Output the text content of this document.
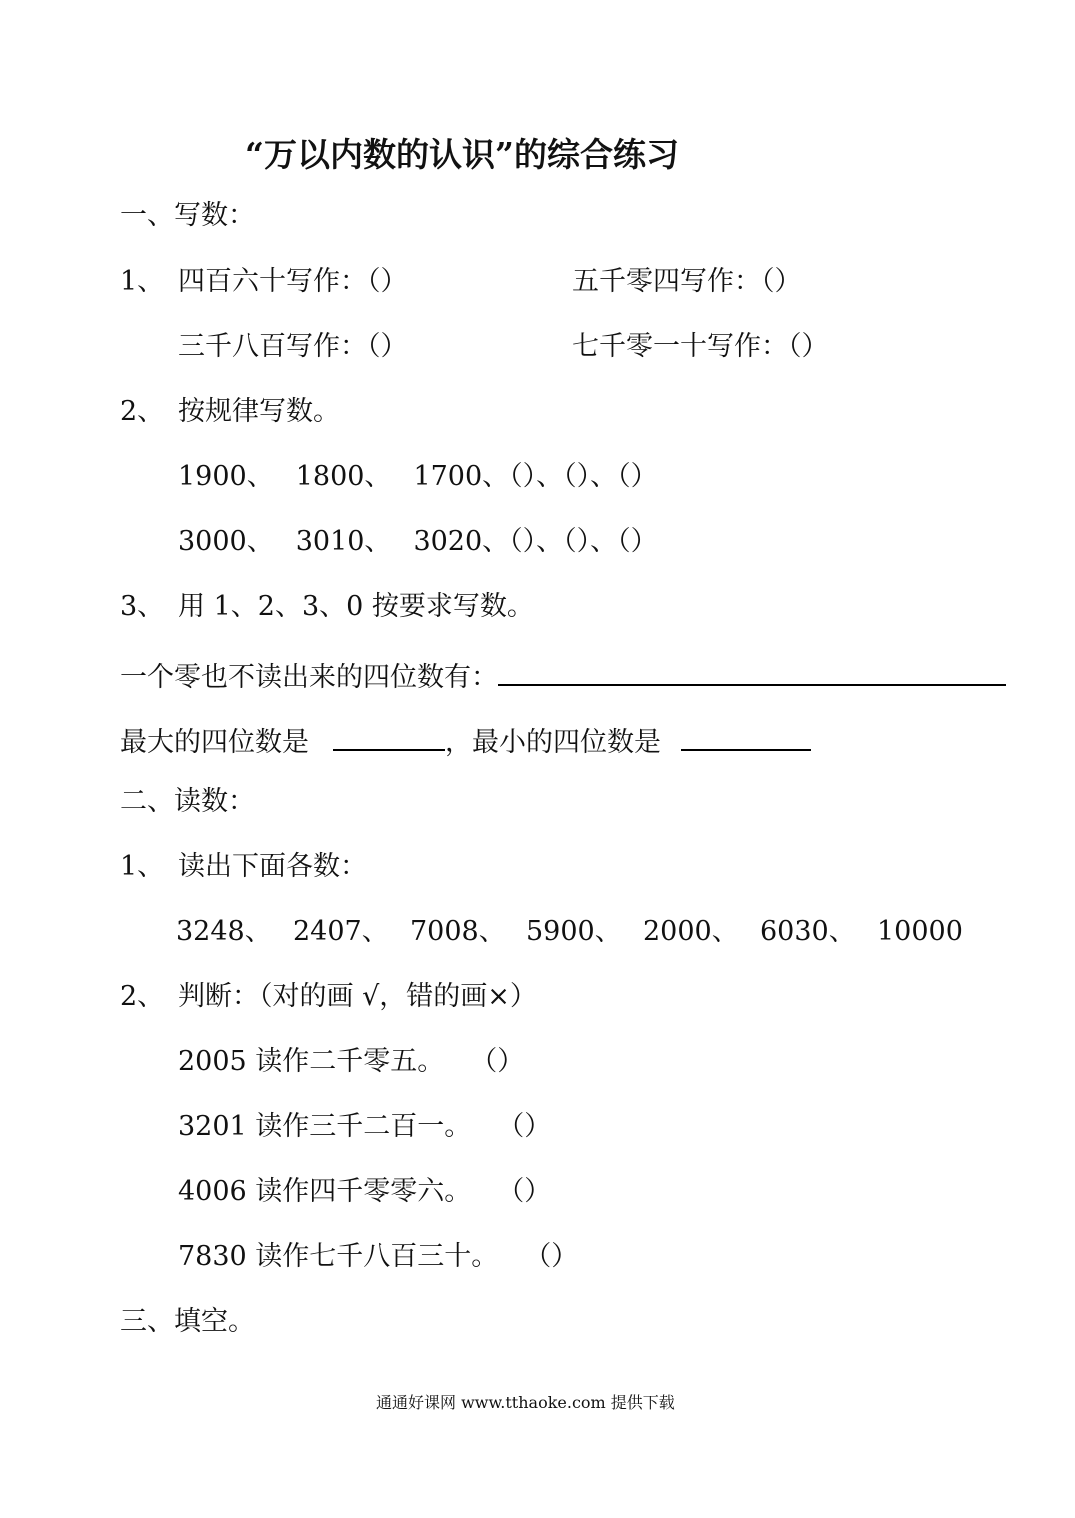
“万以内数的认识”的综合练习
一、写数：
1、 四百六十写作：（）	五千零四写作：（）
三千八百写作：（）	七千零一十写作：（）
2、 按规律写数。
1900、 1800、 1700、（）、（）、（）
3000、 3010、 3020、（）、（）、（）
3、 用 1、2、3、0 按要求写数。
一个零也不读出来的四位数有：
最大的四位数是	，最小的四位数是
二、读数：
1、 读出下面各数：
3248、 2407、 7008、 5900、 2000、 6030、 10000
2、 判断：（对的画 √，错的画×）
2005 读作二千零五。 （）
3201 读作三千二百一。 （）
4006 读作四千零零六。 （）
7830 读作七千八百三十。 （）
三、填空。
通通好课网 www.tthaoke.com 提供下载
